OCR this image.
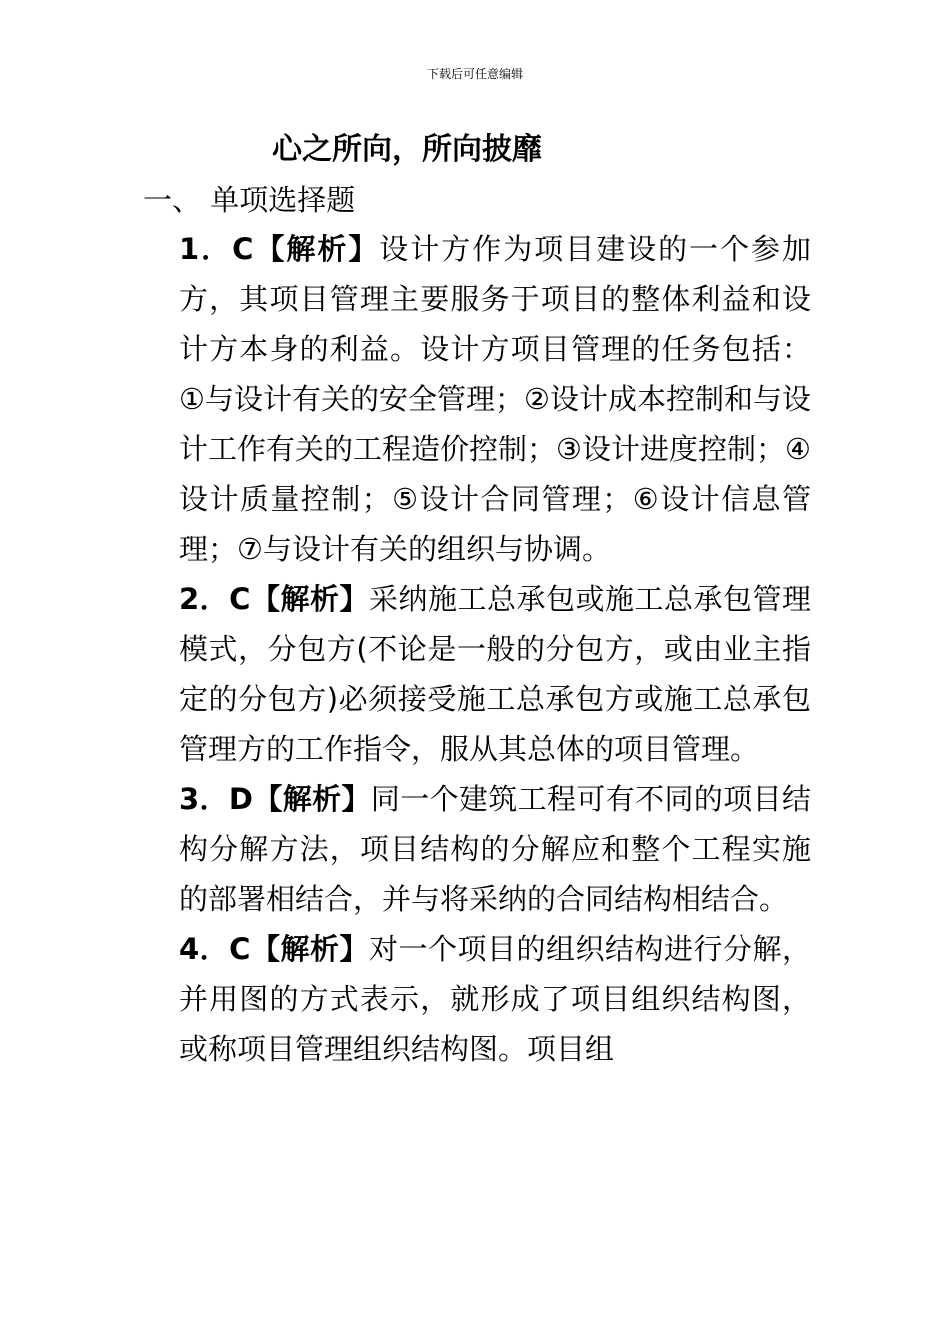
下载后可任意编辑
心之所向，所向披靡
一、 单项选择题

1．C【解析】设计方作为项目建设的一个参加方，其项目管理主要服务于项目的整体利益和设计方本身的利益。设计方项目管理的任务包括：①与设计有关的安全管理；②设计成本控制和与设计工作有关的工程造价控制；③设计进度控制；④设计质量控制；⑤设计合同管理；⑥设计信息管理；⑦与设计有关的组织与协调。

2．C【解析】采纳施工总承包或施工总承包管理模式，分包方(不论是一般的分包方，或由业主指定的分包方)必须接受施工总承包方或施工总承包管理方的工作指令，服从其总体的项目管理。

3．D【解析】同一个建筑工程可有不同的项目结构分解方法，项目结构的分解应和整个工程实施的部署相结合，并与将采纳的合同结构相结合。

4．C【解析】对一个项目的组织结构进行分解，并用图的方式表示，就形成了项目组织结构图，或称项目管理组织结构图。项目组
